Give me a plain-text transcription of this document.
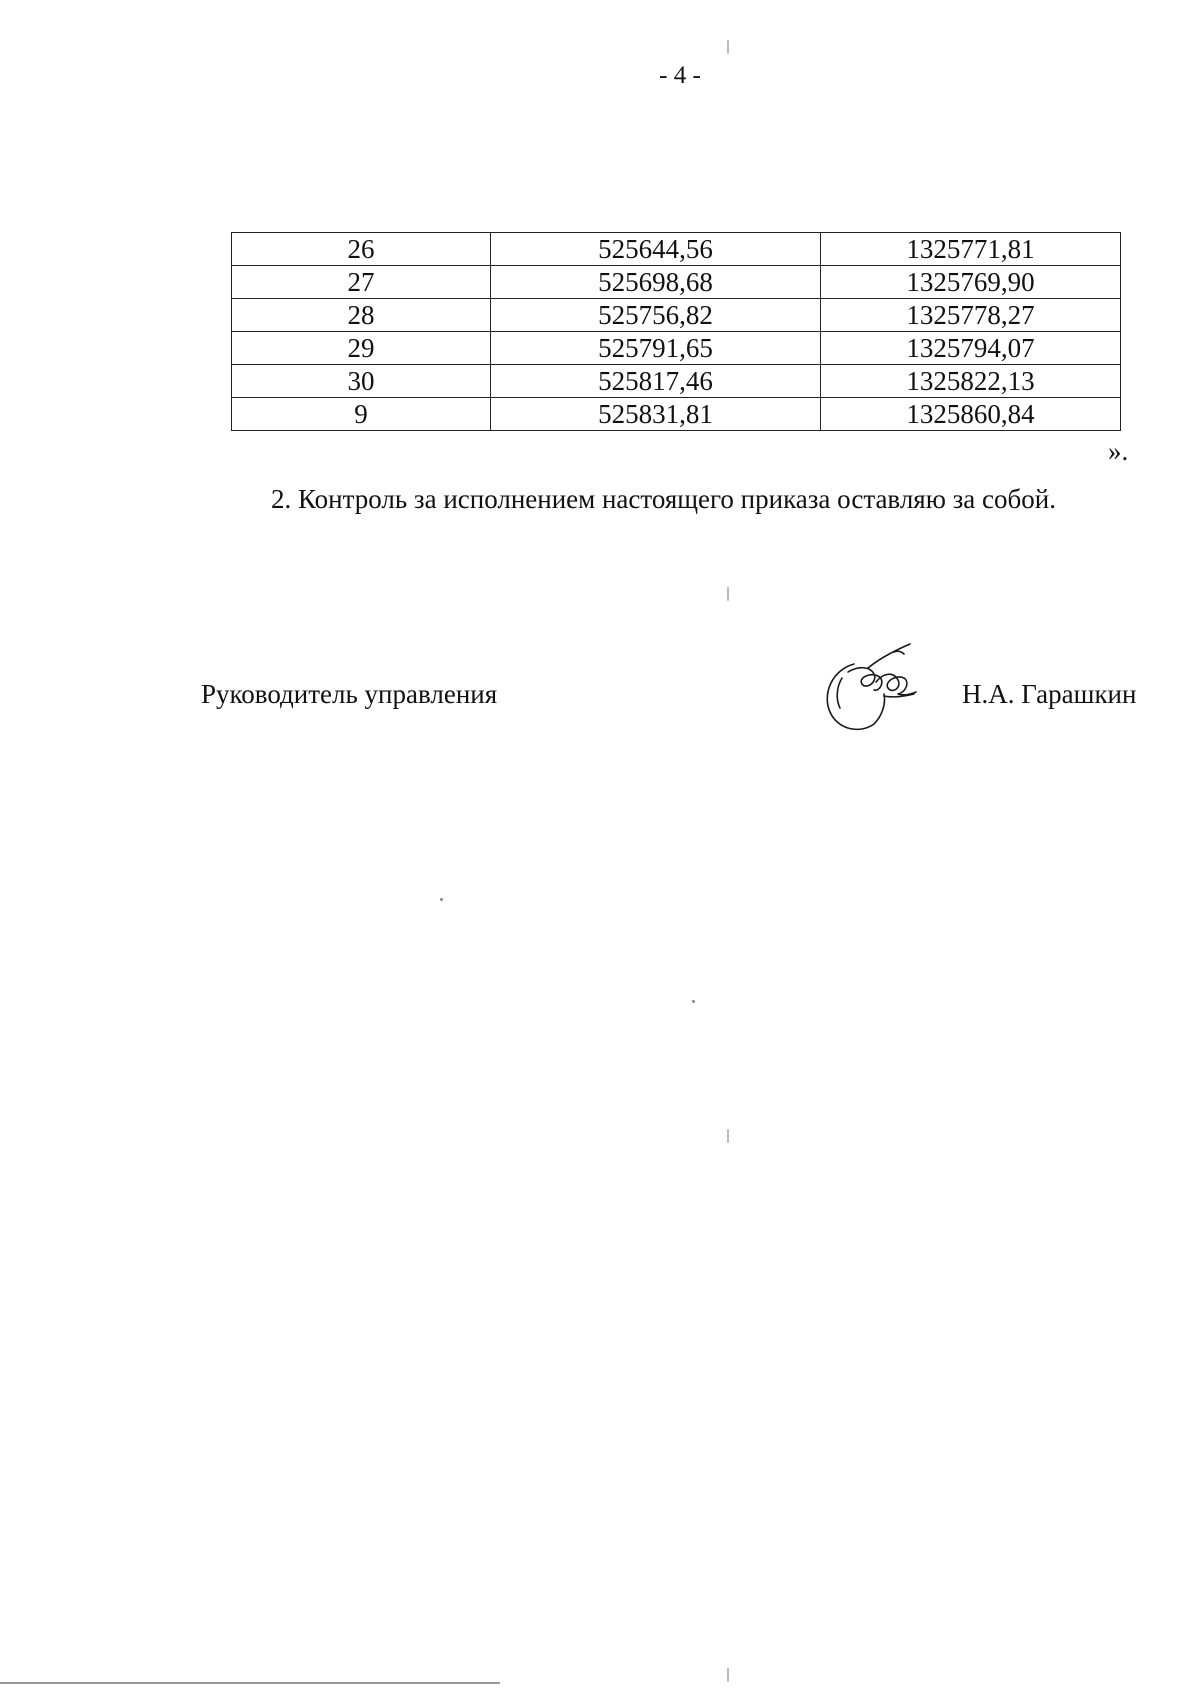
- 4 -
26	525644,56	1325771,81
27	525698,68	1325769,90
28	525756,82	1325778,27
29	525791,65	1325794,07
30	525817,46	1325822,13
9	525831,81	1325860,84
».
2. Контроль за исполнением настоящего приказа оставляю за собой.
Руководитель управления	Н.А. Гарашкин
